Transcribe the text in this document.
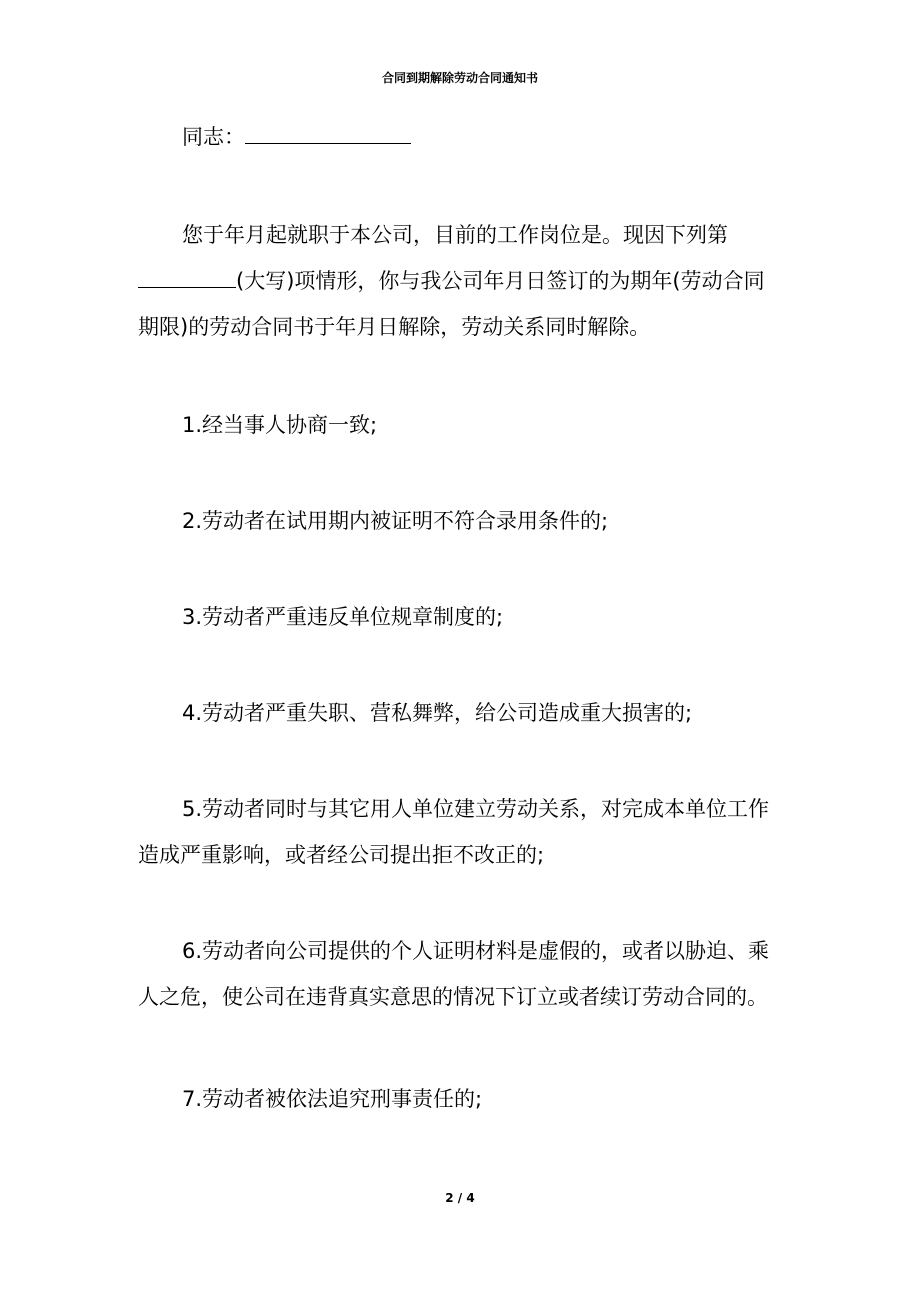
合同到期解除劳动合同通知书

同志：

您于年月起就职于本公司，目前的工作岗位是。现因下列第(大写)项情形，你与我公司年月日签订的为期年(劳动合同期限)的劳动合同书于年月日解除，劳动关系同时解除。

1.经当事人协商一致;

2.劳动者在试用期内被证明不符合录用条件的;

3.劳动者严重违反单位规章制度的;

4.劳动者严重失职、营私舞弊，给公司造成重大损害的;

5.劳动者同时与其它用人单位建立劳动关系，对完成本单位工作造成严重影响，或者经公司提出拒不改正的;

6.劳动者向公司提供的个人证明材料是虚假的，或者以胁迫、乘人之危，使公司在违背真实意思的情况下订立或者续订劳动合同的。

7.劳动者被依法追究刑事责任的;

2 / 4
